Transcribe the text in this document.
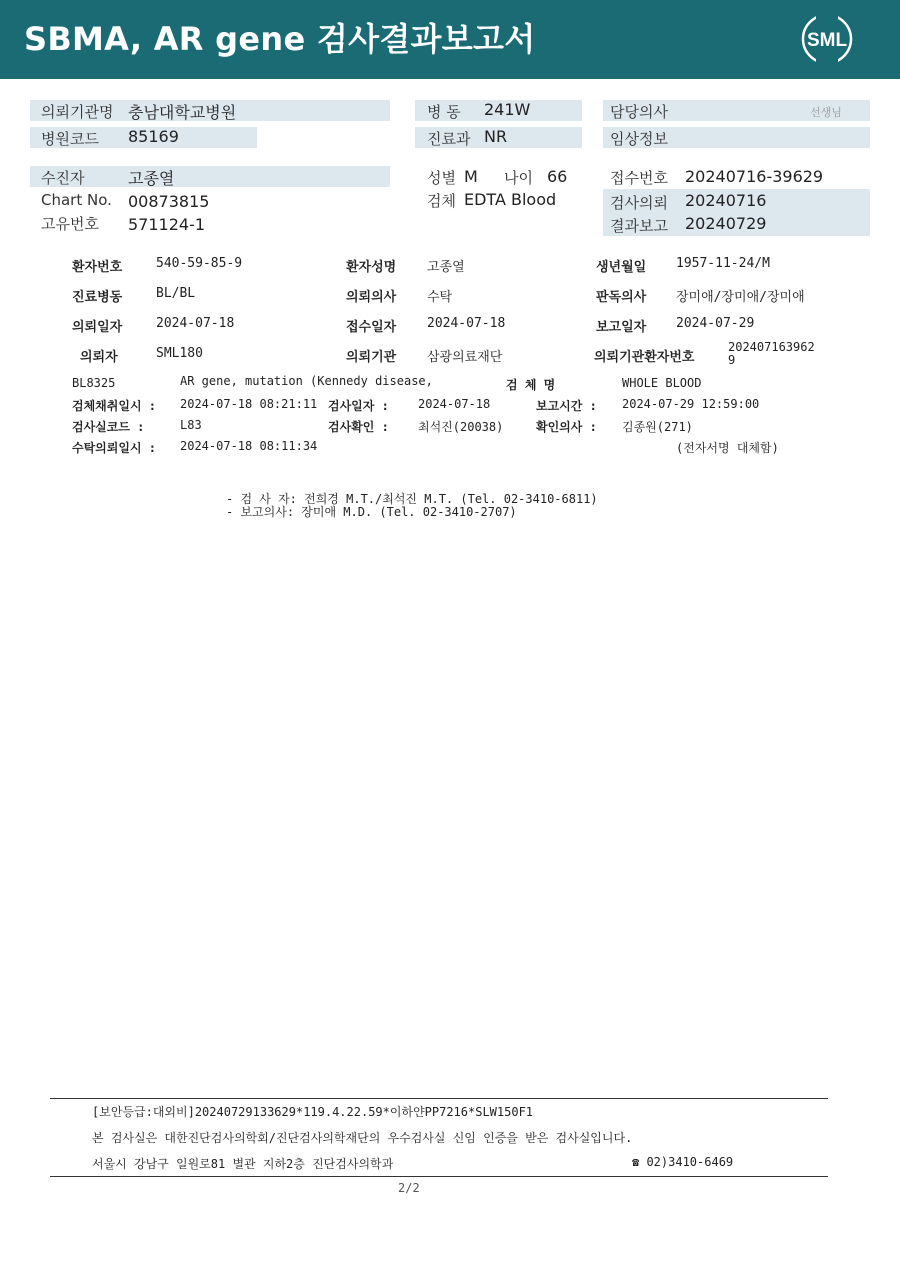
SBMA, AR gene 검사결과보고서	SML
의뢰기관명 충남대학교병원
병원코드 85169
병 동 241W
진료과 NR
담당의사	선생님
임상정보
수진자	고종열
Chart No. 00873815
고유번호 571124-1
성별 M 나이 66
검체 EDTA Blood
접수번호 20240716-39629
검사의뢰 20240716
결과보고 20240729
환자번호	540-59-85-9	환자성명 고종열	생년월일 1957-11-24/M
진료병동	BL/BL	의뢰의사 수탁	판독의사 장미애/장미애/장미애
의뢰일자	2024-07-18	접수일자 2024-07-18	보고일자 2024-07-29
의뢰자	SML180	의뢰기관 삼광의료재단	의뢰기관환자번호
202407163962
9
BL8325	AR gene, mutation (Kennedy disease,	검 체 명	WHOLE BLOOD
검체채취일시 : 2024-07-18 08:21:11 검사일자 : 2024-07-18	보고시간 : 2024-07-29 12:59:00
검사실코드 :	L83	검사확인 : 최석진(20038)	확인의사 : 김종원(271)
수탁의뢰일시 : 2024-07-18 08:11:34	(전자서명 대체함)
- 검 사 자: 전희경 M.T./최석진 M.T. (Tel. 02-3410-6811)
- 보고의사: 장미애 M.D. (Tel. 02-3410-2707)
[보안등급:대외비]20240729133629*119.4.22.59*이하얀PP7216*SLW150F1
본 검사실은 대한진단검사의학회/진단검사의학재단의 우수검사실 신임 인증을 받은 검사실입니다.
서울시 강남구 일원로81 별관 지하2층 진단검사의학과	☎ 02)3410-6469
2/2
